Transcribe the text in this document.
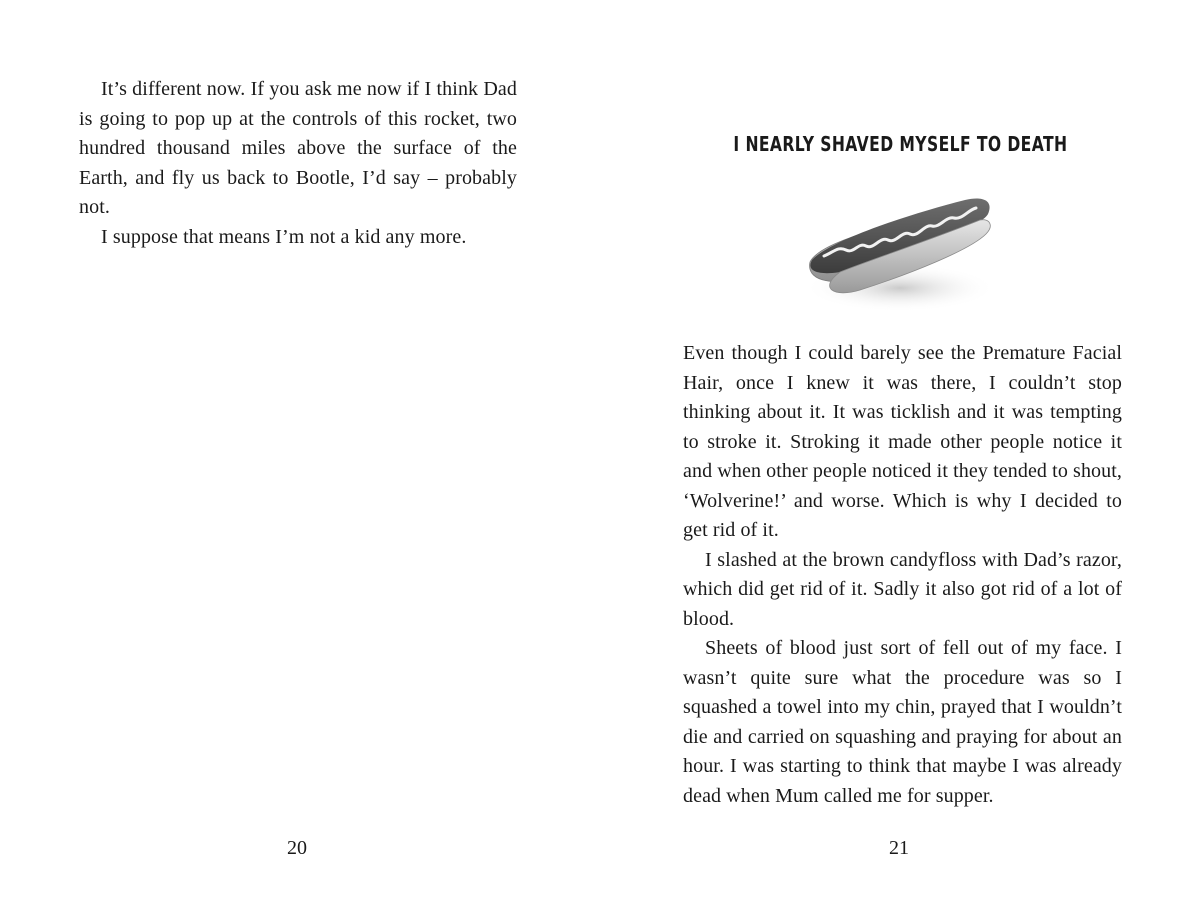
It’s different now. If you ask me now if I think Dad is going to pop up at the controls of this rocket, two hundred thousand miles above the surface of the Earth, and fly us back to Bootle, I’d say – probably not.

I suppose that means I’m not a kid any more.

20
I NEARLY SHAVED MYSELF TO DEATH

Even though I could barely see the Premature Facial Hair, once I knew it was there, I couldn’t stop thinking about it. It was ticklish and it was tempting to stroke it. Stroking it made other people notice it and when other people noticed it they tended to shout, ‘Wolverine!’ and worse. Which is why I decided to get rid of it.

I slashed at the brown candyfloss with Dad’s razor, which did get rid of it. Sadly it also got rid of a lot of blood.

Sheets of blood just sort of fell out of my face. I wasn’t quite sure what the procedure was so I squashed a towel into my chin, prayed that I wouldn’t die and carried on squashing and praying for about an hour. I was starting to think that maybe I was already dead when Mum called me for supper.

21
